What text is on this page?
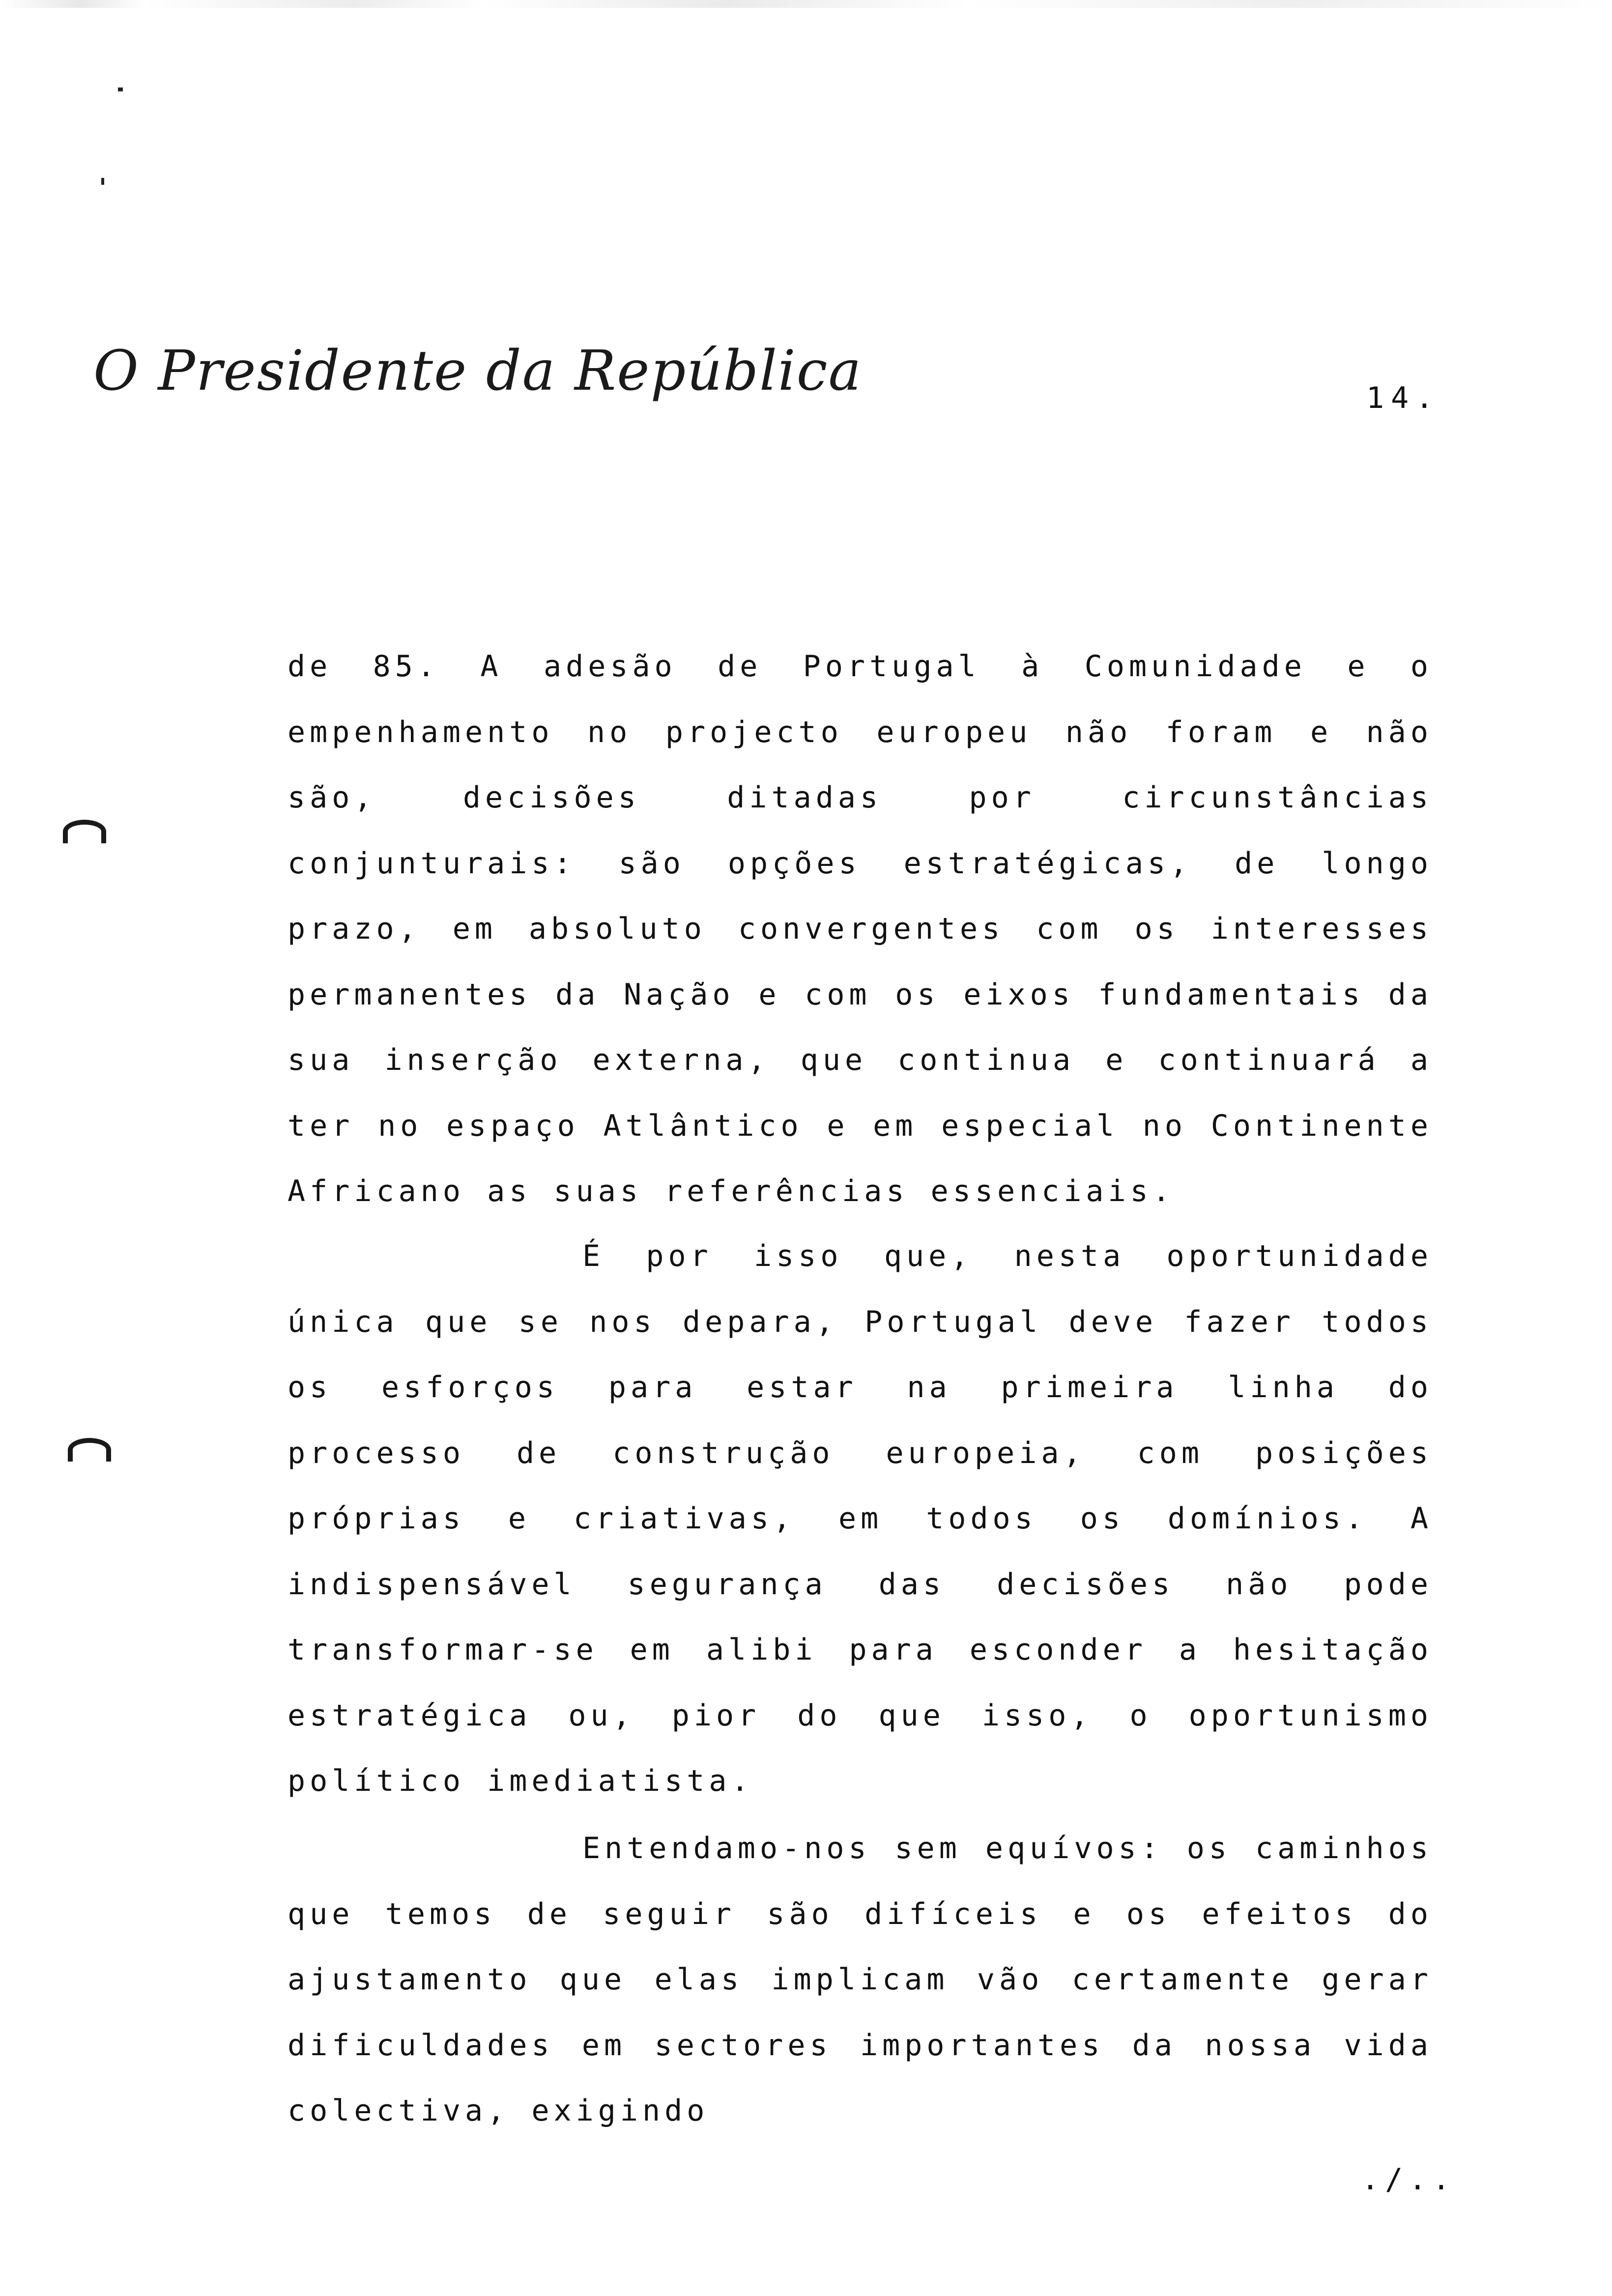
O Presidente da República	14.

de 85. A adesão de Portugal à Comunidade e o empenhamento no projecto europeu não foram e não são, decisões ditadas por circunstâncias conjunturais: são opções estratégicas, de longo prazo, em absoluto convergentes com os interesses permanentes da Nação e com os eixos fundamentais da sua inserção externa, que continua e continuará a ter no espaço Atlântico e em especial no Continente Africano as suas referências essenciais.

É por isso que, nesta oportunidade única que se nos depara, Portugal deve fazer todos os esforços para estar na primeira linha do processo de construção europeia, com posições próprias e criativas, em todos os domínios. A indispensável segurança das decisões não pode transformar-se em alibi para esconder a hesitação estratégica ou, pior do que isso, o oportunismo político imediatista.

Entendamo-nos sem equívos: os caminhos que temos de seguir são difíceis e os efeitos do ajustamento que elas implicam vão certamente gerar dificuldades em sectores importantes da nossa vida colectiva, exigindo

./..
